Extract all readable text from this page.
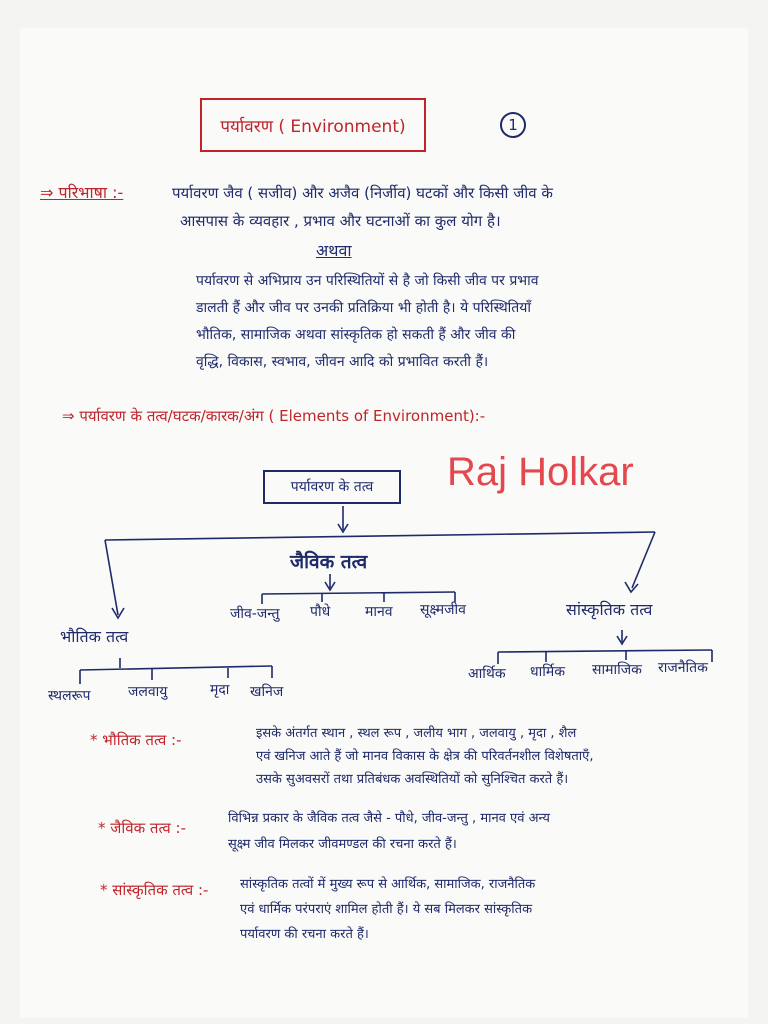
पर्यावरण ( Environment)	1
⇒ परिभाषा :-	पर्यावरण जैव ( सजीव) और अजैव (निर्जीव) घटकों और किसी जीव के
आसपास के व्यवहार , प्रभाव और घटनाओं का कुल योग है।
अथवा
पर्यावरण से अभिप्राय उन परिस्थितियों से है जो किसी जीव पर प्रभाव
डालती हैं और जीव पर उनकी प्रतिक्रिया भी होती है। ये परिस्थितियाँ
भौतिक, सामाजिक अथवा सांस्कृतिक हो सकती हैं और जीव की
वृद्धि, विकास, स्वभाव, जीवन आदि को प्रभावित करती हैं।
⇒ पर्यावरण के तत्व/घटक/कारक/अंग ( Elements of Environment):-
Raj Holkar
पर्यावरण के तत्व
जैविक तत्व
जीव-जन्तु पौधे मानव सूक्ष्मजीव
भौतिक तत्व
स्थलरूप	जलवायु	मृदा खनिज
सांस्कृतिक तत्व
आर्थिक धार्मिक सामाजिक राजनैतिक
* भौतिक तत्व :-	इसके अंतर्गत स्थान , स्थल रूप , जलीय भाग , जलवायु , मृदा , शैल
एवं खनिज आते हैं जो मानव विकास के क्षेत्र की परिवर्तनशील विशेषताएँ,
उसके सुअवसरों तथा प्रतिबंधक अवस्थितियों को सुनिश्चित करते हैं।
* जैविक तत्व :-
विभिन्न प्रकार के जैविक तत्व जैसे - पौधे, जीव-जन्तु , मानव एवं अन्य
सूक्ष्म जीव मिलकर जीवमण्डल की रचना करते हैं।
* सांस्कृतिक तत्व :- सांस्कृतिक तत्वों में मुख्य रूप से आर्थिक, सामाजिक, राजनैतिक
एवं धार्मिक परंपराएं शामिल होती हैं। ये सब मिलकर सांस्कृतिक
पर्यावरण की रचना करते हैं।
